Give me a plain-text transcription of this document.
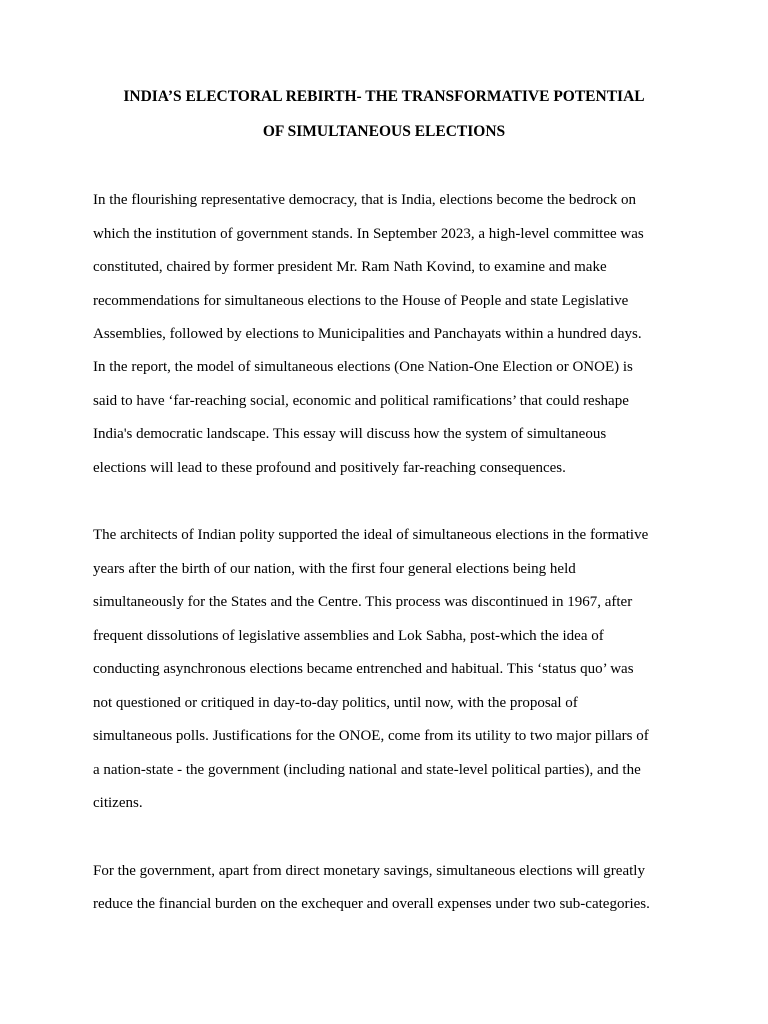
INDIA’S ELECTORAL REBIRTH- THE TRANSFORMATIVE POTENTIAL
OF SIMULTANEOUS ELECTIONS
In the flourishing representative democracy, that is India, elections become the bedrock on
which the institution of government stands. In September 2023, a high-level committee was
constituted, chaired by former president Mr. Ram Nath Kovind, to examine and make
recommendations for simultaneous elections to the House of People and state Legislative
Assemblies, followed by elections to Municipalities and Panchayats within a hundred days.
In the report, the model of simultaneous elections (One Nation-One Election or ONOE) is
said to have ‘far-reaching social, economic and political ramifications’ that could reshape
India's democratic landscape. This essay will discuss how the system of simultaneous
elections will lead to these profound and positively far-reaching consequences.
The architects of Indian polity supported the ideal of simultaneous elections in the formative
years after the birth of our nation, with the first four general elections being held
simultaneously for the States and the Centre. This process was discontinued in 1967, after
frequent dissolutions of legislative assemblies and Lok Sabha, post-which the idea of
conducting asynchronous elections became entrenched and habitual. This ‘status quo’ was
not questioned or critiqued in day-to-day politics, until now, with the proposal of
simultaneous polls. Justifications for the ONOE, come from its utility to two major pillars of
a nation-state - the government (including national and state-level political parties), and the
citizens.
For the government, apart from direct monetary savings, simultaneous elections will greatly
reduce the financial burden on the exchequer and overall expenses under two sub-categories.
